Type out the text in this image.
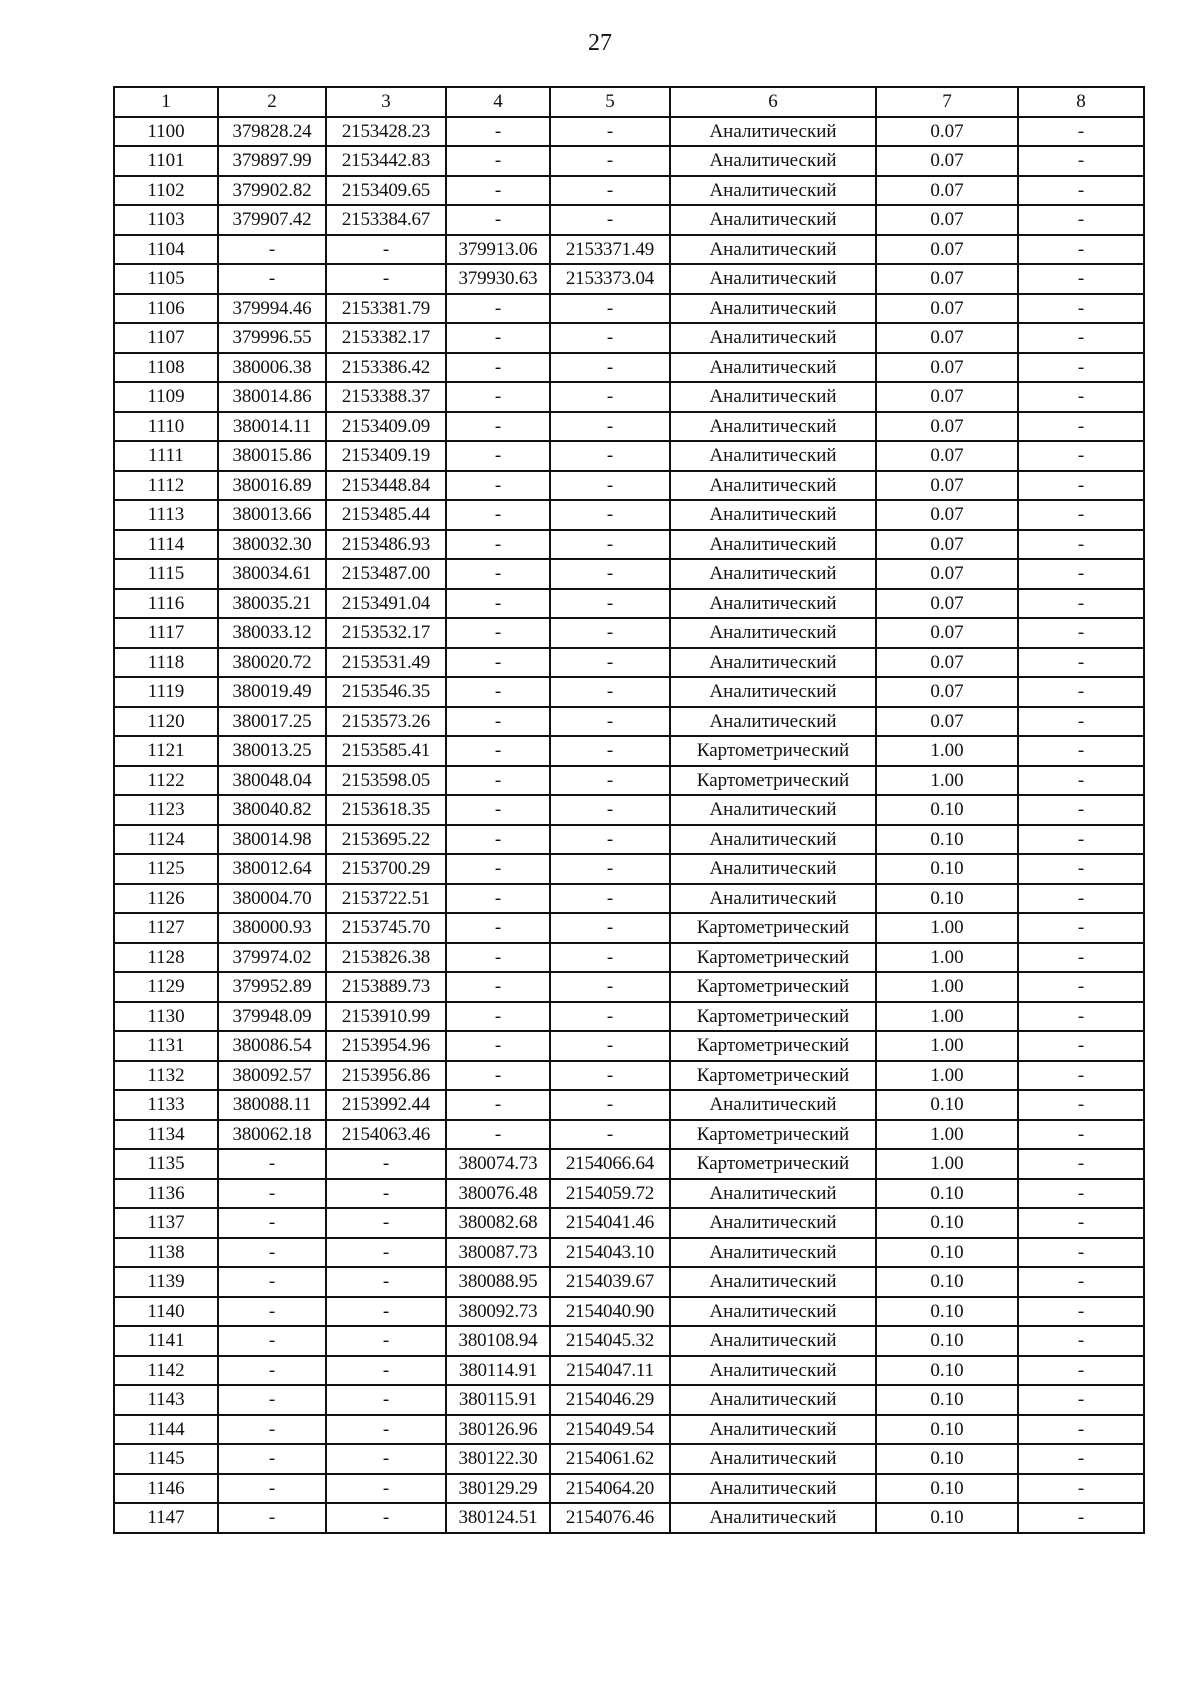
27
1	2	3	4	5	6	7	8
1100	379828.24	2153428.23	-	-	Аналитический	0.07	-
1101	379897.99	2153442.83	-	-	Аналитический	0.07	-
1102	379902.82	2153409.65	-	-	Аналитический	0.07	-
1103	379907.42	2153384.67	-	-	Аналитический	0.07	-
1104	-	-	379913.06	2153371.49	Аналитический	0.07	-
1105	-	-	379930.63	2153373.04	Аналитический	0.07	-
1106	379994.46	2153381.79	-	-	Аналитический	0.07	-
1107	379996.55	2153382.17	-	-	Аналитический	0.07	-
1108	380006.38	2153386.42	-	-	Аналитический	0.07	-
1109	380014.86	2153388.37	-	-	Аналитический	0.07	-
1110	380014.11	2153409.09	-	-	Аналитический	0.07	-
1111	380015.86	2153409.19	-	-	Аналитический	0.07	-
1112	380016.89	2153448.84	-	-	Аналитический	0.07	-
1113	380013.66	2153485.44	-	-	Аналитический	0.07	-
1114	380032.30	2153486.93	-	-	Аналитический	0.07	-
1115	380034.61	2153487.00	-	-	Аналитический	0.07	-
1116	380035.21	2153491.04	-	-	Аналитический	0.07	-
1117	380033.12	2153532.17	-	-	Аналитический	0.07	-
1118	380020.72	2153531.49	-	-	Аналитический	0.07	-
1119	380019.49	2153546.35	-	-	Аналитический	0.07	-
1120	380017.25	2153573.26	-	-	Аналитический	0.07	-
1121	380013.25	2153585.41	-	-	Картометрический	1.00	-
1122	380048.04	2153598.05	-	-	Картометрический	1.00	-
1123	380040.82	2153618.35	-	-	Аналитический	0.10	-
1124	380014.98	2153695.22	-	-	Аналитический	0.10	-
1125	380012.64	2153700.29	-	-	Аналитический	0.10	-
1126	380004.70	2153722.51	-	-	Аналитический	0.10	-
1127	380000.93	2153745.70	-	-	Картометрический	1.00	-
1128	379974.02	2153826.38	-	-	Картометрический	1.00	-
1129	379952.89	2153889.73	-	-	Картометрический	1.00	-
1130	379948.09	2153910.99	-	-	Картометрический	1.00	-
1131	380086.54	2153954.96	-	-	Картометрический	1.00	-
1132	380092.57	2153956.86	-	-	Картометрический	1.00	-
1133	380088.11	2153992.44	-	-	Аналитический	0.10	-
1134	380062.18	2154063.46	-	-	Картометрический	1.00	-
1135	-	-	380074.73	2154066.64	Картометрический	1.00	-
1136	-	-	380076.48	2154059.72	Аналитический	0.10	-
1137	-	-	380082.68	2154041.46	Аналитический	0.10	-
1138	-	-	380087.73	2154043.10	Аналитический	0.10	-
1139	-	-	380088.95	2154039.67	Аналитический	0.10	-
1140	-	-	380092.73	2154040.90	Аналитический	0.10	-
1141	-	-	380108.94	2154045.32	Аналитический	0.10	-
1142	-	-	380114.91	2154047.11	Аналитический	0.10	-
1143	-	-	380115.91	2154046.29	Аналитический	0.10	-
1144	-	-	380126.96	2154049.54	Аналитический	0.10	-
1145	-	-	380122.30	2154061.62	Аналитический	0.10	-
1146	-	-	380129.29	2154064.20	Аналитический	0.10	-
1147	-	-	380124.51	2154076.46	Аналитический	0.10	-
